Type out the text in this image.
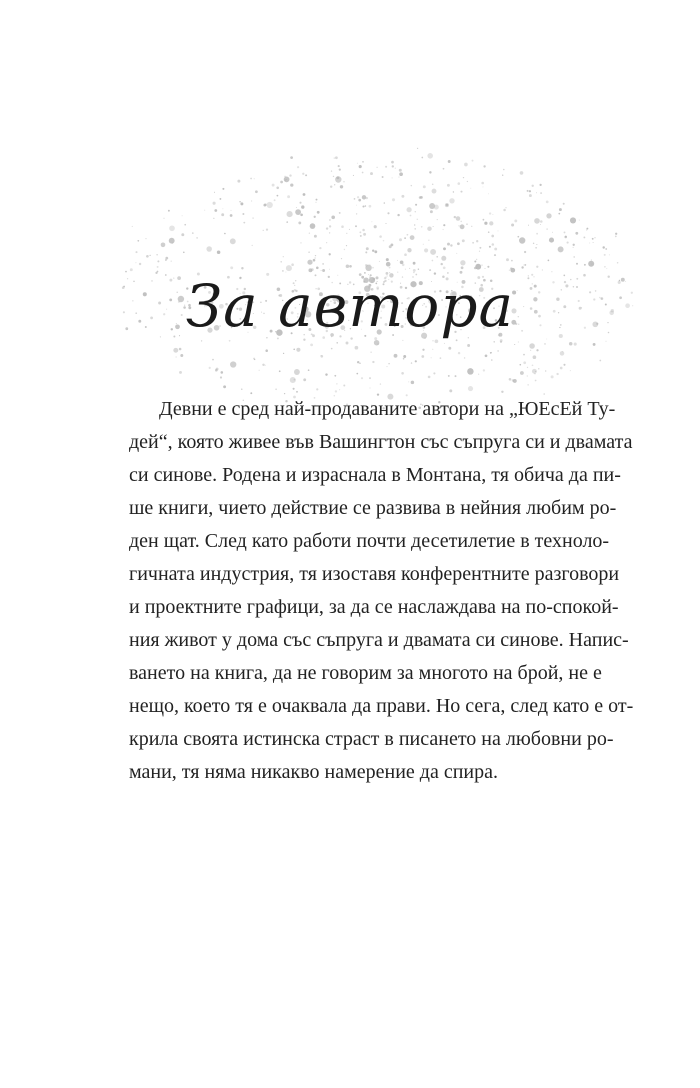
За автора
Девни е сред най-продаваните автори на „ЮЕсЕй Ту-
дей“, която живее във Вашингтон със съпруга си и двамата
си синове. Родена и израснала в Монтана, тя обича да пи-
ше книги, чието действие се развива в нейния любим ро-
ден щат. След като работи почти десетилетие в техноло-
гичната индустрия, тя изоставя конферентните разговори
и проектните графици, за да се наслаждава на по-спокой-
ния живот у дома със съпруга и двамата си синове. Напис-
ването на книга, да не говорим за многото на брой, не е
нещо, което тя е очаквала да прави. Но сега, след като е от-
крила своята истинска страст в писането на любовни ро-
мани, тя няма никакво намерение да спира.
